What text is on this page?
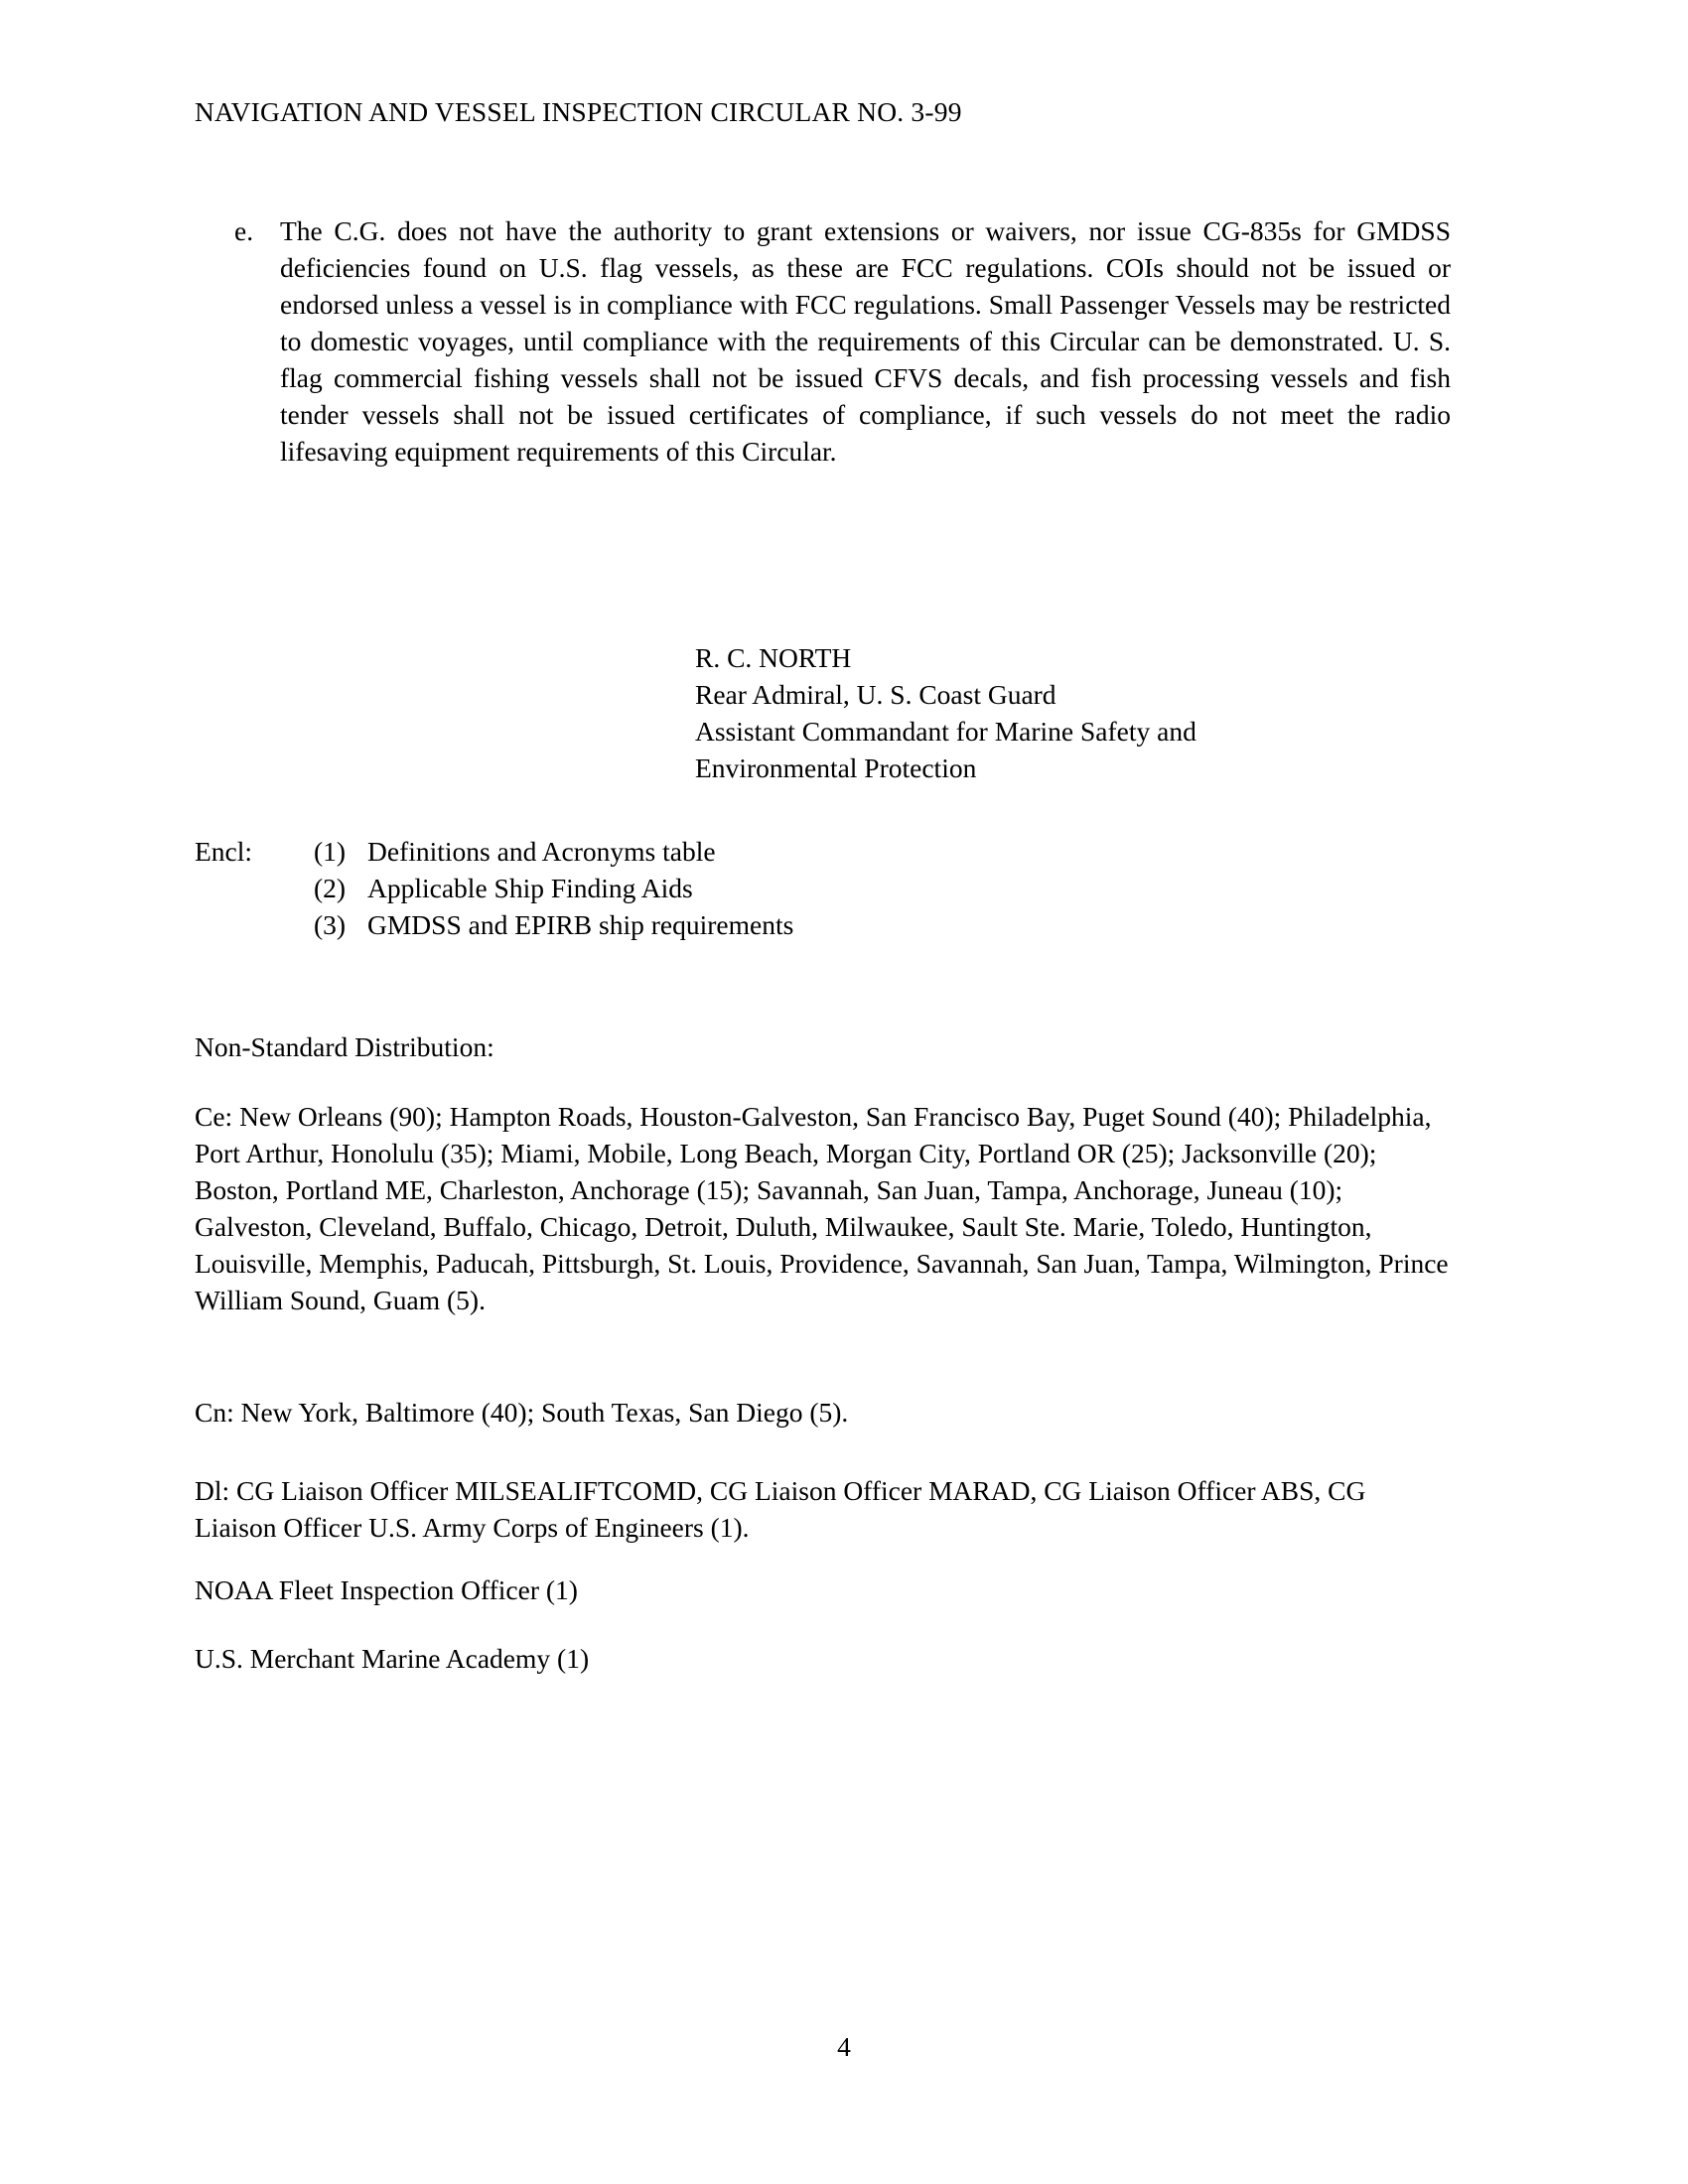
NAVIGATION AND VESSEL INSPECTION CIRCULAR NO. 3-99
e. The C.G. does not have the authority to grant extensions or waivers, nor issue CG-835s for GMDSS deficiencies found on U.S. flag vessels, as these are FCC regulations. COIs should not be issued or endorsed unless a vessel is in compliance with FCC regulations. Small Passenger Vessels may be restricted to domestic voyages, until compliance with the requirements of this Circular can be demonstrated. U. S. flag commercial fishing vessels shall not be issued CFVS decals, and fish processing vessels and fish tender vessels shall not be issued certificates of compliance, if such vessels do not meet the radio lifesaving equipment requirements of this Circular.
R. C. NORTH
Rear Admiral, U. S. Coast Guard
Assistant Commandant for Marine Safety and
Environmental Protection
Encl:	(1) Definitions and Acronyms table
(2) Applicable Ship Finding Aids
(3) GMDSS and EPIRB ship requirements
Non-Standard Distribution:
Ce: New Orleans (90); Hampton Roads, Houston-Galveston, San Francisco Bay, Puget Sound (40); Philadelphia, Port Arthur, Honolulu (35); Miami, Mobile, Long Beach, Morgan City, Portland OR (25); Jacksonville (20); Boston, Portland ME, Charleston, Anchorage (15); Savannah, San Juan, Tampa, Anchorage, Juneau (10); Galveston, Cleveland, Buffalo, Chicago, Detroit, Duluth, Milwaukee, Sault Ste. Marie, Toledo, Huntington, Louisville, Memphis, Paducah, Pittsburgh, St. Louis, Providence, Savannah, San Juan, Tampa, Wilmington, Prince William Sound, Guam (5).
Cn: New York, Baltimore (40); South Texas, San Diego (5).
Dl: CG Liaison Officer MILSEALIFTCOMD, CG Liaison Officer MARAD, CG Liaison Officer ABS, CG Liaison Officer U.S. Army Corps of Engineers (1).
NOAA Fleet Inspection Officer (1)
U.S. Merchant Marine Academy (1)
4
